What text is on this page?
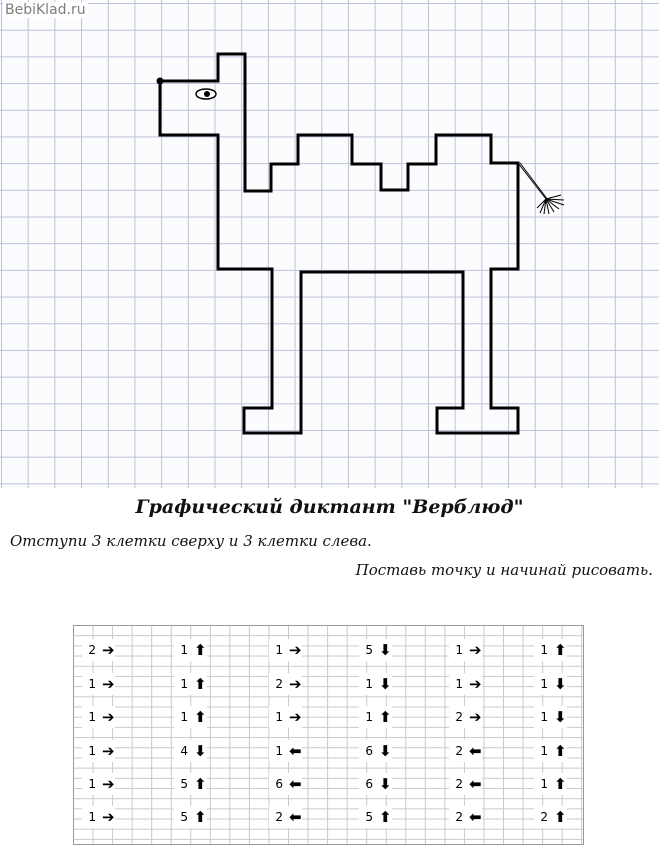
BebiKlad.ru
Графический диктант "Верблюд"
Отступи 3 клетки сверху и 3 клетки слева.
Поставь точку и начинай рисовать.
2 ➔
1 ➔
1 ➔
1 ➔
1 ➔
1 ➔
1 ⬆
1 ⬆
1 ⬆
4 ⬇
5 ⬆
5 ⬆
1 ➔
2 ➔
1 ➔
1 ⬅
6 ⬅
2 ⬅
5 ⬇
1 ⬇
1 ⬆
6 ⬇
6 ⬇
5 ⬆
1 ➔
1 ➔
2 ➔
2 ⬅
2 ⬅
2 ⬅
1 ⬆
1 ⬇
1 ⬇
1 ⬆
1 ⬆
2 ⬆
